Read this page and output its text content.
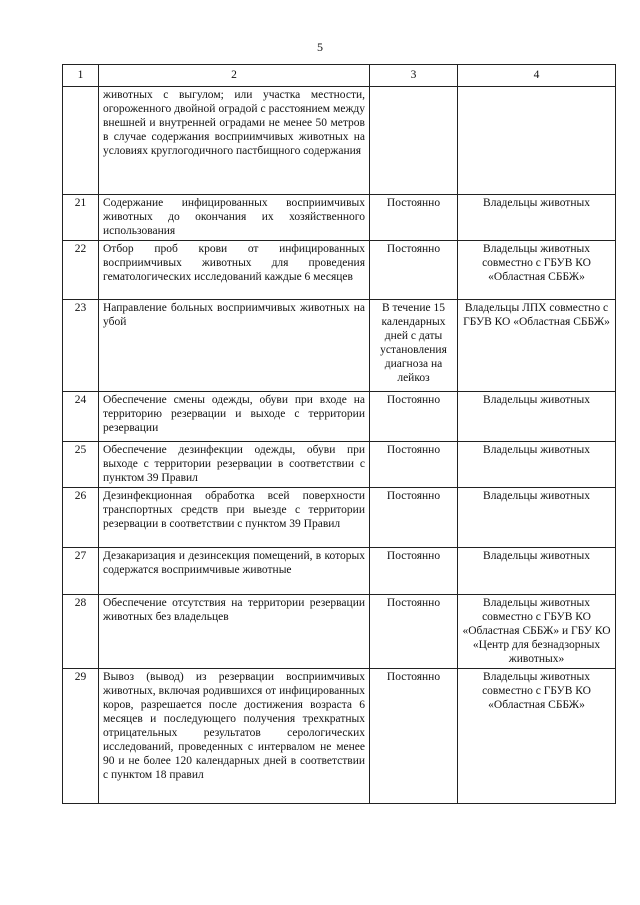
5
1	2	3	4
	животных с выгулом; или участка местности, огороженного двойной оградой с расстоянием между внешней и внутренней оградами не менее 50 метров в случае содержания восприимчивых животных на условиях круглогодичного пастбищного содержания		
21	Содержание инфицированных восприимчивых животных до окончания их хозяйственного использования	Постоянно	Владельцы животных
22	Отбор проб крови от инфицированных восприимчивых животных для проведения гематологических исследований каждые 6 месяцев	Постоянно	Владельцы животных совместно с ГБУВ КО «Областная СББЖ»
23	Направление больных восприимчивых животных на убой	В течение 15 календарных дней с даты установления диагноза на лейкоз	Владельцы ЛПХ совместно с ГБУВ КО «Областная СББЖ»
24	Обеспечение смены одежды, обуви при входе на территорию резервации и выходе с территории резервации	Постоянно	Владельцы животных
25	Обеспечение дезинфекции одежды, обуви при выходе с территории резервации в соответствии с пунктом 39 Правил	Постоянно	Владельцы животных
26	Дезинфекционная обработка всей поверхности транспортных средств при выезде с территории резервации в соответствии с пунктом 39 Правил	Постоянно	Владельцы животных
27	Дезакаризация и дезинсекция помещений, в которых содержатся восприимчивые животные	Постоянно	Владельцы животных
28	Обеспечение отсутствия на территории резервации животных без владельцев	Постоянно	Владельцы животных совместно с ГБУВ КО «Областная СББЖ» и ГБУ КО «Центр для безнадзорных животных»
29	Вывоз (вывод) из резервации восприимчивых животных, включая родившихся от инфицированных коров, разрешается после достижения возраста 6 месяцев и последующего получения трехкратных отрицательных результатов серологических исследований, проведенных с интервалом не менее 90 и не более 120 календарных дней в соответствии с пунктом 18 правил	Постоянно	Владельцы животных совместно с ГБУВ КО «Областная СББЖ»
